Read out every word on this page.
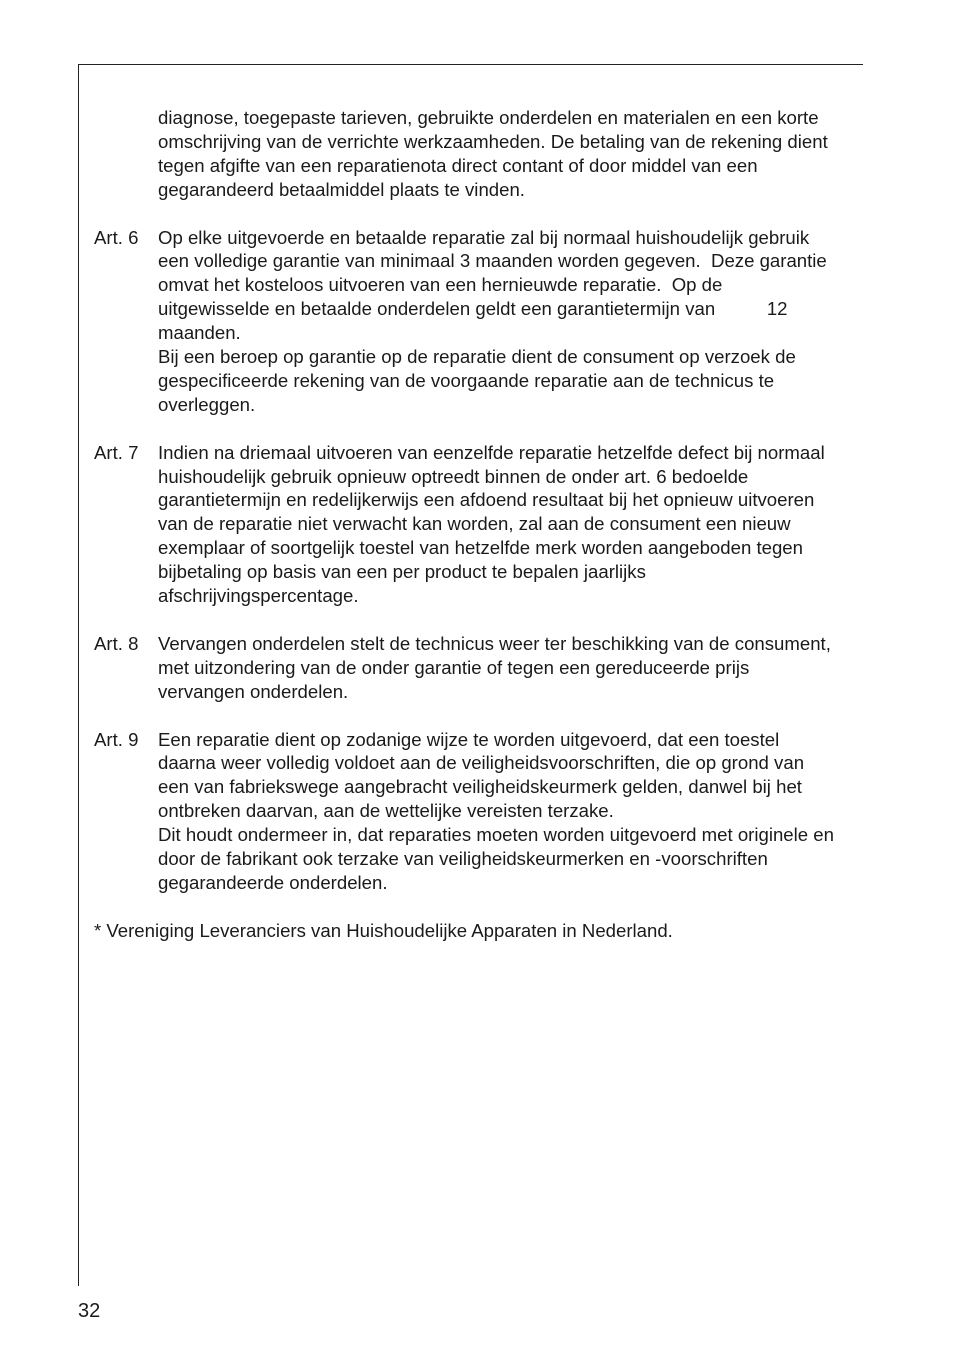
diagnose, toegepaste tarieven, gebruikte onderdelen en materialen en een korte omschrijving van de verrichte werkzaamheden. De betaling van de rekening dient tegen afgifte van een reparatienota direct contant of door middel van een gegarandeerd betaalmiddel plaats te vinden.

Art. 6 Op elke uitgevoerde en betaalde reparatie zal bij normaal huishoudelijk gebruik een volledige garantie van minimaal 3 maanden worden gegeven.  Deze garantie omvat het kosteloos uitvoeren van een hernieuwde reparatie.  Op de uitgewisselde en betaalde onderdelen geldt een garantietermijn van          12 maanden.

Bij een beroep op garantie op de reparatie dient de consument op verzoek de gespecificeerde rekening van de voorgaande reparatie aan de technicus te overleggen.

Art. 7 Indien na driemaal uitvoeren van eenzelfde reparatie hetzelfde defect bij normaal huishoudelijk gebruik opnieuw optreedt binnen de onder art. 6 bedoelde garantietermijn en redelijkerwijs een afdoend resultaat bij het opnieuw uitvoeren van de reparatie niet verwacht kan worden, zal aan de consument een nieuw exemplaar of soortgelijk toestel van hetzelfde merk worden aangeboden tegen bijbetaling op basis van een per product te bepalen jaarlijks afschrijvingspercentage.

Art. 8 Vervangen onderdelen stelt de technicus weer ter beschikking van de consument, met uitzondering van de onder garantie of tegen een gereduceerde prijs vervangen onderdelen.

Art. 9 Een reparatie dient op zodanige wijze te worden uitgevoerd, dat een toestel daarna weer volledig voldoet aan de veiligheidsvoorschriften, die op grond van een van fabriekswege aangebracht veiligheidskeurmerk gelden, danwel bij het ontbreken daarvan, aan de wettelijke vereisten terzake.

Dit houdt ondermeer in, dat reparaties moeten worden uitgevoerd met originele en door de fabrikant ook terzake van veiligheidskeurmerken en -voorschriften gegarandeerde onderdelen.

* Vereniging Leveranciers van Huishoudelijke Apparaten in Nederland.

32
